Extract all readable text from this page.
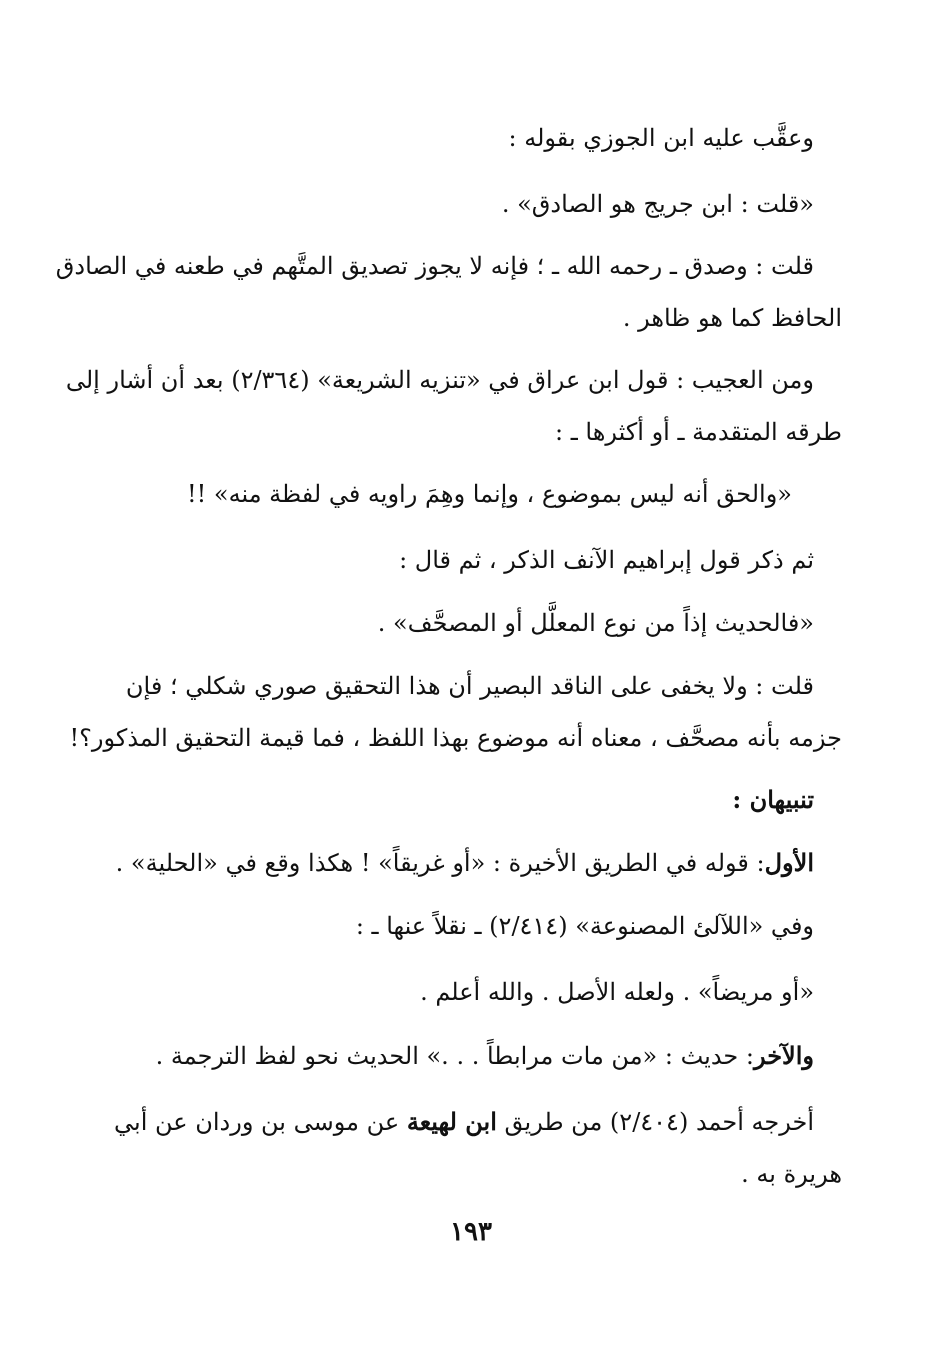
وعقَّب عليه ابن الجوزي بقوله :
«قلت : ابن جريج هو الصادق» .
قلت : وصدق ـ رحمه الله ـ ؛ فإنه لا يجوز تصديق المتَّهم في طعنه في الصادق
الحافظ كما هو ظاهر .
ومن العجيب : قول ابن عراق في «تنزيه الشريعة» (٢/٣٦٤) بعد أن أشار إلى
طرقه المتقدمة ـ أو أكثرها ـ :
«والحق أنه ليس بموضوع ، وإنما وهِمَ راويه في لفظة منه» !!
ثم ذكر قول إبراهيم الآنف الذكر ، ثم قال :
«فالحديث إذاً من نوع المعلَّل أو المصحَّف» .
قلت : ولا يخفى على الناقد البصير أن هذا التحقيق صوري شكلي ؛ فإن
جزمه بأنه مصحَّف ، معناه أنه موضوع بهذا اللفظ ، فما قيمة التحقيق المذكور؟!
تنبيهان :
الأول: قوله في الطريق الأخيرة : «أو غريقاً» ! هكذا وقع في «الحلية» .
وفي «اللآلئ المصنوعة» (٢/٤١٤) ـ نقلاً عنها ـ :
«أو مريضاً» . ولعله الأصل . والله أعلم .
والآخر: حديث : «من مات مرابطاً . . .» الحديث نحو لفظ الترجمة .
أخرجه أحمد (٢/٤٠٤) من طريق ابن لهيعة عن موسى بن وردان عن أبي
هريرة به .
١٩٣
